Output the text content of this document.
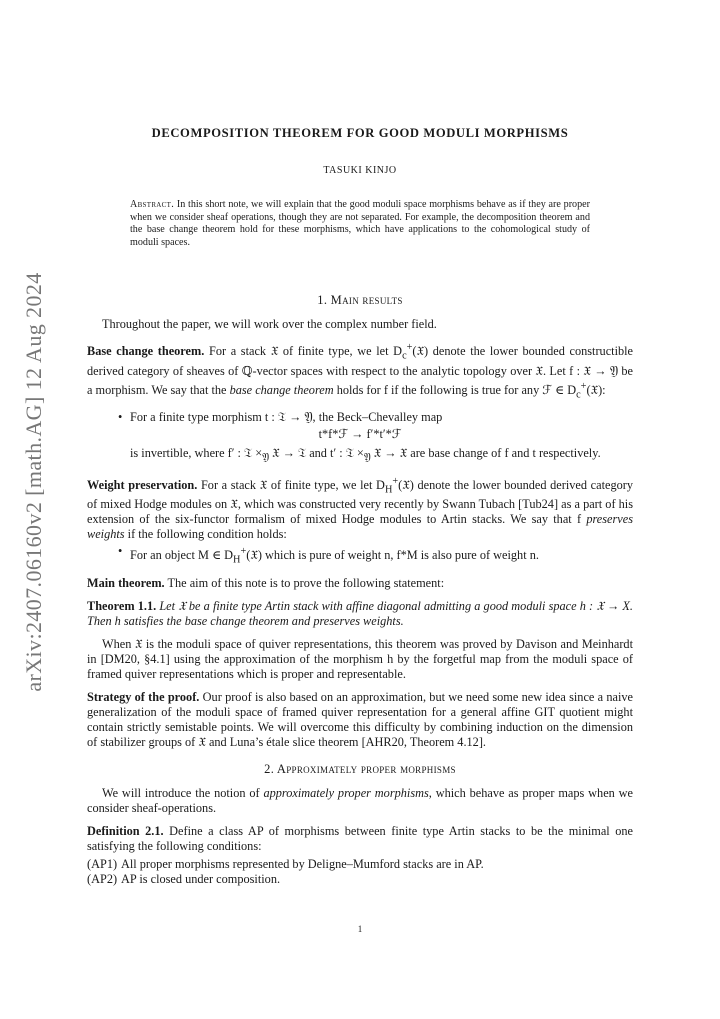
arXiv:2407.06160v2 [math.AG] 12 Aug 2024
DECOMPOSITION THEOREM FOR GOOD MODULI MORPHISMS
TASUKI KINJO
Abstract. In this short note, we will explain that the good moduli space morphisms behave as if they are proper when we consider sheaf operations, though they are not separated. For example, the decomposition theorem and the base change theorem hold for these morphisms, which have applications to the cohomological study of moduli spaces.
1. Main results

Throughout the paper, we will work over the complex number field.

Base change theorem. For a stack 𝔛 of finite type, we let $D_c^+(𝔛)$ denote the lower bounded constructible derived category of sheaves of ℚ-vector spaces with respect to the analytic topology over 𝔛. Let f : 𝔛 → 𝔜 be a morphism. We say that the base change theorem holds for f if the following is true for any ℱ ∈ $D_c^+(𝔛)$:

• For a finite type morphism t : 𝔗 → 𝔜, the Beck–Chevalley map
t*f*ℱ → f′*t′*ℱ
is invertible, where f′ : 𝔗 $\times_𝔜$ 𝔛 → 𝔗 and t′ : 𝔗 $\times_𝔜$ 𝔛 → 𝔛 are base change of f and t respectively.

Weight preservation. For a stack 𝔛 of finite type, we let $D_H^+(𝔛)$ denote the lower bounded derived category of mixed Hodge modules on 𝔛, which was constructed very recently by Swann Tubach [Tub24] as a part of his extension of the six-functor formalism of mixed Hodge modules to Artin stacks. We say that f preserves weights if the following condition holds:

• For an object M ∈ $D_H^+(𝔛)$ which is pure of weight n, f*M is also pure of weight n.

Main theorem. The aim of this note is to prove the following statement:

Theorem 1.1. Let 𝔛 be a finite type Artin stack with affine diagonal admitting a good moduli space h : 𝔛 → X. Then h satisfies the base change theorem and preserves weights.

When 𝔛 is the moduli space of quiver representations, this theorem was proved by Davison and Meinhardt in [DM20, §4.1] using the approximation of the morphism h by the forgetful map from the moduli space of framed quiver representations which is proper and representable.

Strategy of the proof. Our proof is also based on an approximation, but we need some new idea since a naive generalization of the moduli space of framed quiver representation for a general affine GIT quotient might contain strictly semistable points. We will overcome this difficulty by combining induction on the dimension of stabilizer groups of 𝔛 and Luna’s étale slice theorem [AHR20, Theorem 4.12].

2. Approximately proper morphisms

We will introduce the notion of approximately proper morphisms, which behave as proper maps when we consider sheaf-operations.

Definition 2.1. Define a class AP of morphisms between finite type Artin stacks to be the minimal one satisfying the following conditions:

(AP1) All proper morphisms represented by Deligne–Mumford stacks are in AP.
(AP2) AP is closed under composition.
1
